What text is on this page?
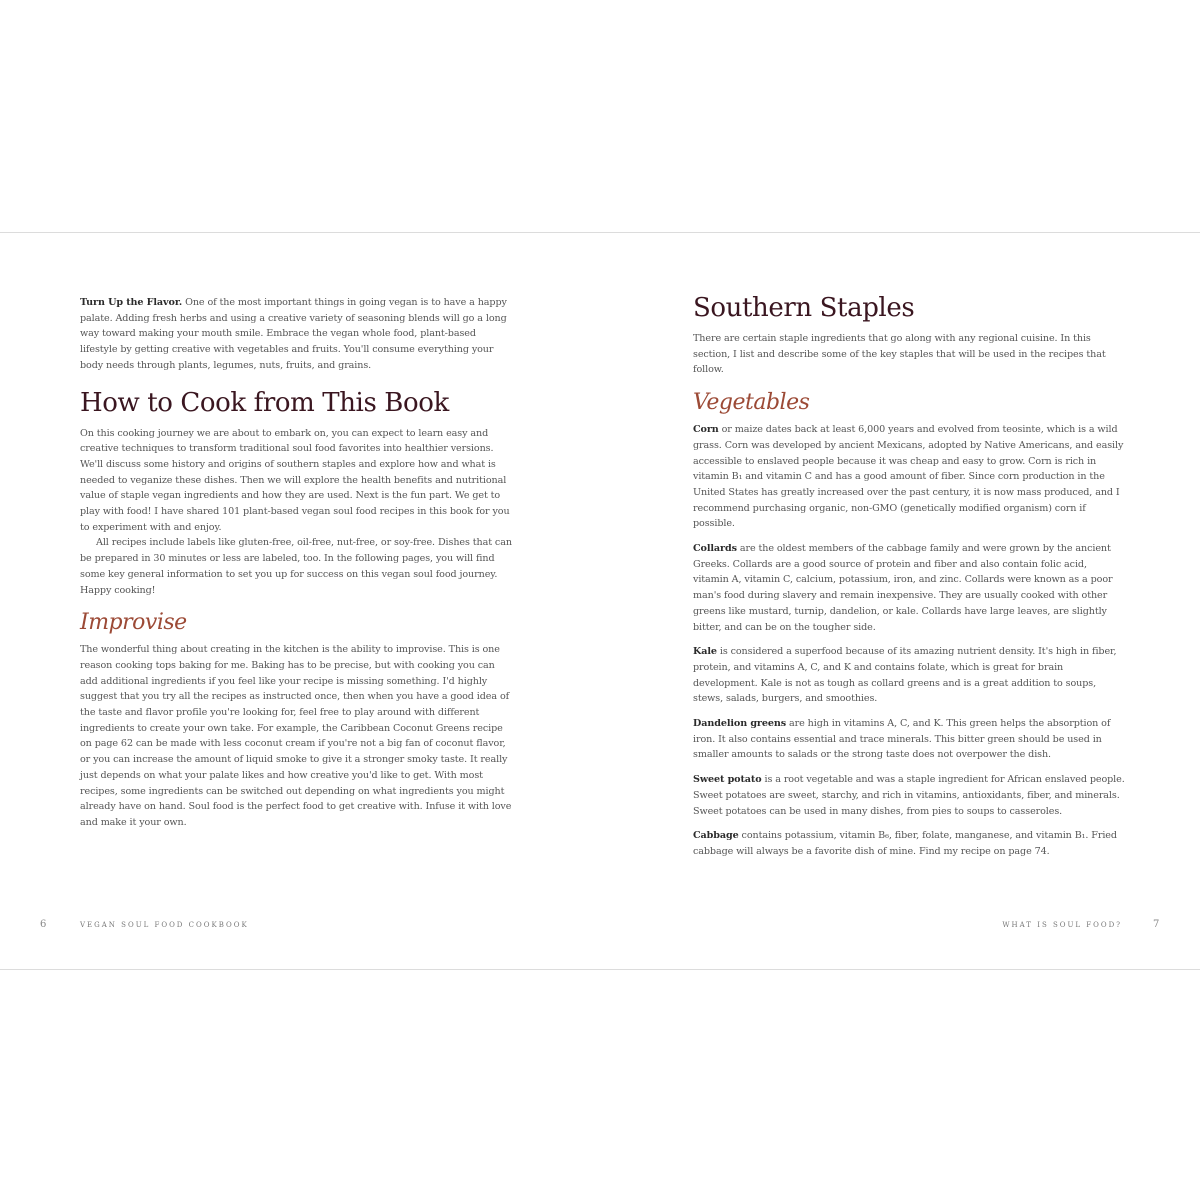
Turn Up the Flavor. One of the most important things in going vegan is to have a happy palate. Adding fresh herbs and using a creative variety of seasoning blends will go a long way toward making your mouth smile. Embrace the vegan whole food, plant-based lifestyle by getting creative with vegetables and fruits. You'll consume everything your body needs through plants, legumes, nuts, fruits, and grains.

How to Cook from This Book

On this cooking journey we are about to embark on, you can expect to learn easy and creative techniques to transform traditional soul food favorites into healthier versions. We'll discuss some history and origins of southern staples and explore how and what is needed to veganize these dishes. Then we will explore the health benefits and nutritional value of staple vegan ingredients and how they are used. Next is the fun part. We get to play with food! I have shared 101 plant-based vegan soul food recipes in this book for you to experiment with and enjoy.

All recipes include labels like gluten-free, oil-free, nut-free, or soy-free. Dishes that can be prepared in 30 minutes or less are labeled, too. In the following pages, you will find some key general information to set you up for success on this vegan soul food journey. Happy cooking!

Improvise

The wonderful thing about creating in the kitchen is the ability to improvise. This is one reason cooking tops baking for me. Baking has to be precise, but with cooking you can add additional ingredients if you feel like your recipe is missing something. I'd highly suggest that you try all the recipes as instructed once, then when you have a good idea of the taste and flavor profile you're looking for, feel free to play around with different ingredients to create your own take. For example, the Caribbean Coconut Greens recipe on page 62 can be made with less coconut cream if you're not a big fan of coconut flavor, or you can increase the amount of liquid smoke to give it a stronger smoky taste. It really just depends on what your palate likes and how creative you'd like to get. With most recipes, some ingredients can be switched out depending on what ingredients you might already have on hand. Soul food is the perfect food to get creative with. Infuse it with love and make it your own.

Southern Staples

There are certain staple ingredients that go along with any regional cuisine. In this section, I list and describe some of the key staples that will be used in the recipes that follow.

Vegetables

Corn or maize dates back at least 6,000 years and evolved from teosinte, which is a wild grass. Corn was developed by ancient Mexicans, adopted by Native Americans, and easily accessible to enslaved people because it was cheap and easy to grow. Corn is rich in vitamin B₁ and vitamin C and has a good amount of fiber. Since corn production in the United States has greatly increased over the past century, it is now mass produced, and I recommend purchasing organic, non-GMO (genetically modified organism) corn if possible.

Collards are the oldest members of the cabbage family and were grown by the ancient Greeks. Collards are a good source of protein and fiber and also contain folic acid, vitamin A, vitamin C, calcium, potassium, iron, and zinc. Collards were known as a poor man's food during slavery and remain inexpensive. They are usually cooked with other greens like mustard, turnip, dandelion, or kale. Collards have large leaves, are slightly bitter, and can be on the tougher side.

Kale is considered a superfood because of its amazing nutrient density. It's high in fiber, protein, and vitamins A, C, and K and contains folate, which is great for brain development. Kale is not as tough as collard greens and is a great addition to soups, stews, salads, burgers, and smoothies.

Dandelion greens are high in vitamins A, C, and K. This green helps the absorption of iron. It also contains essential and trace minerals. This bitter green should be used in smaller amounts to salads or the strong taste does not overpower the dish.

Sweet potato is a root vegetable and was a staple ingredient for African enslaved people. Sweet potatoes are sweet, starchy, and rich in vitamins, antioxidants, fiber, and minerals. Sweet potatoes can be used in many dishes, from pies to soups to casseroles.

Cabbage contains potassium, vitamin B₆, fiber, folate, manganese, and vitamin B₁. Fried cabbage will always be a favorite dish of mine. Find my recipe on page 74.

6	VEGAN SOUL FOOD COOKBOOK	WHAT IS SOUL FOOD?	7
